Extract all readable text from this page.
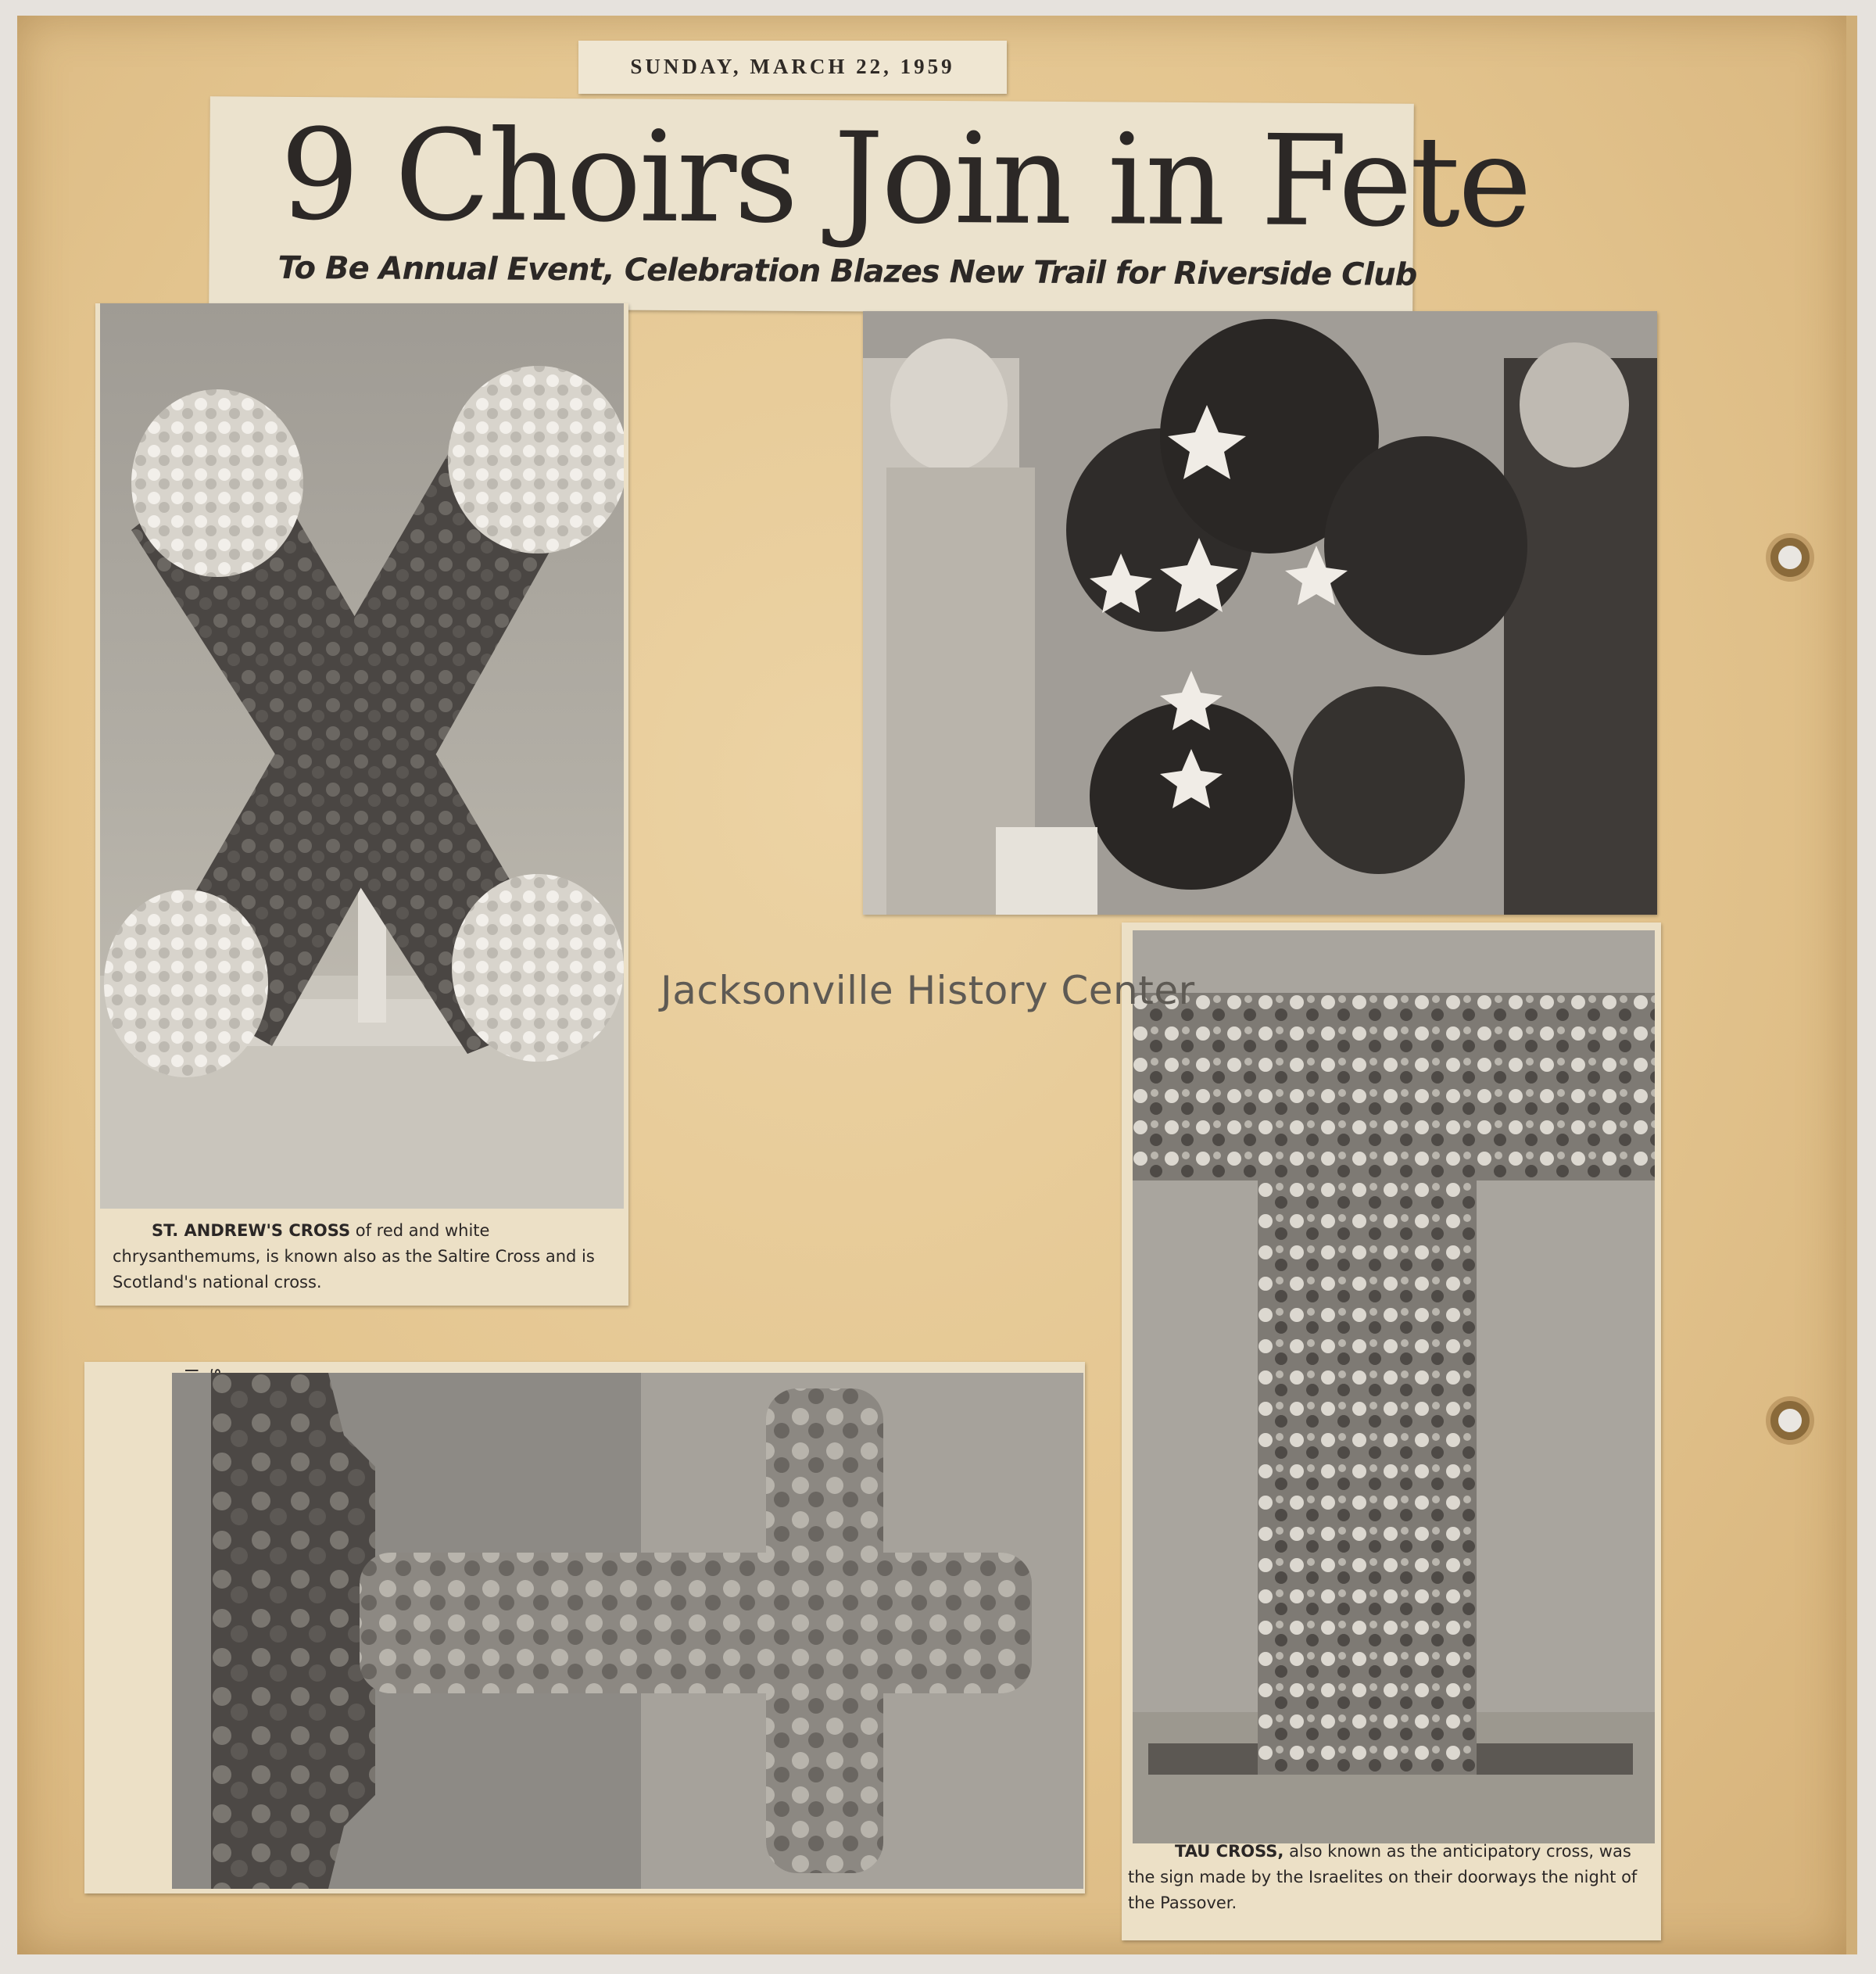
SUNDAY, MARCH 22, 1959
9 Choirs Join in Fete
To Be Annual Event, Celebration Blazes New Trail for Riverside Club
ST. ANDREW'S CROSS of red and white chrysanthemums, is known also as the Saltire Cross and is Scotland's national cross.
TAU CROSS, also known as the anticipatory cross, was the sign made by the Israelites on their doorways the night of the Passover.
Jacksonville History Center
